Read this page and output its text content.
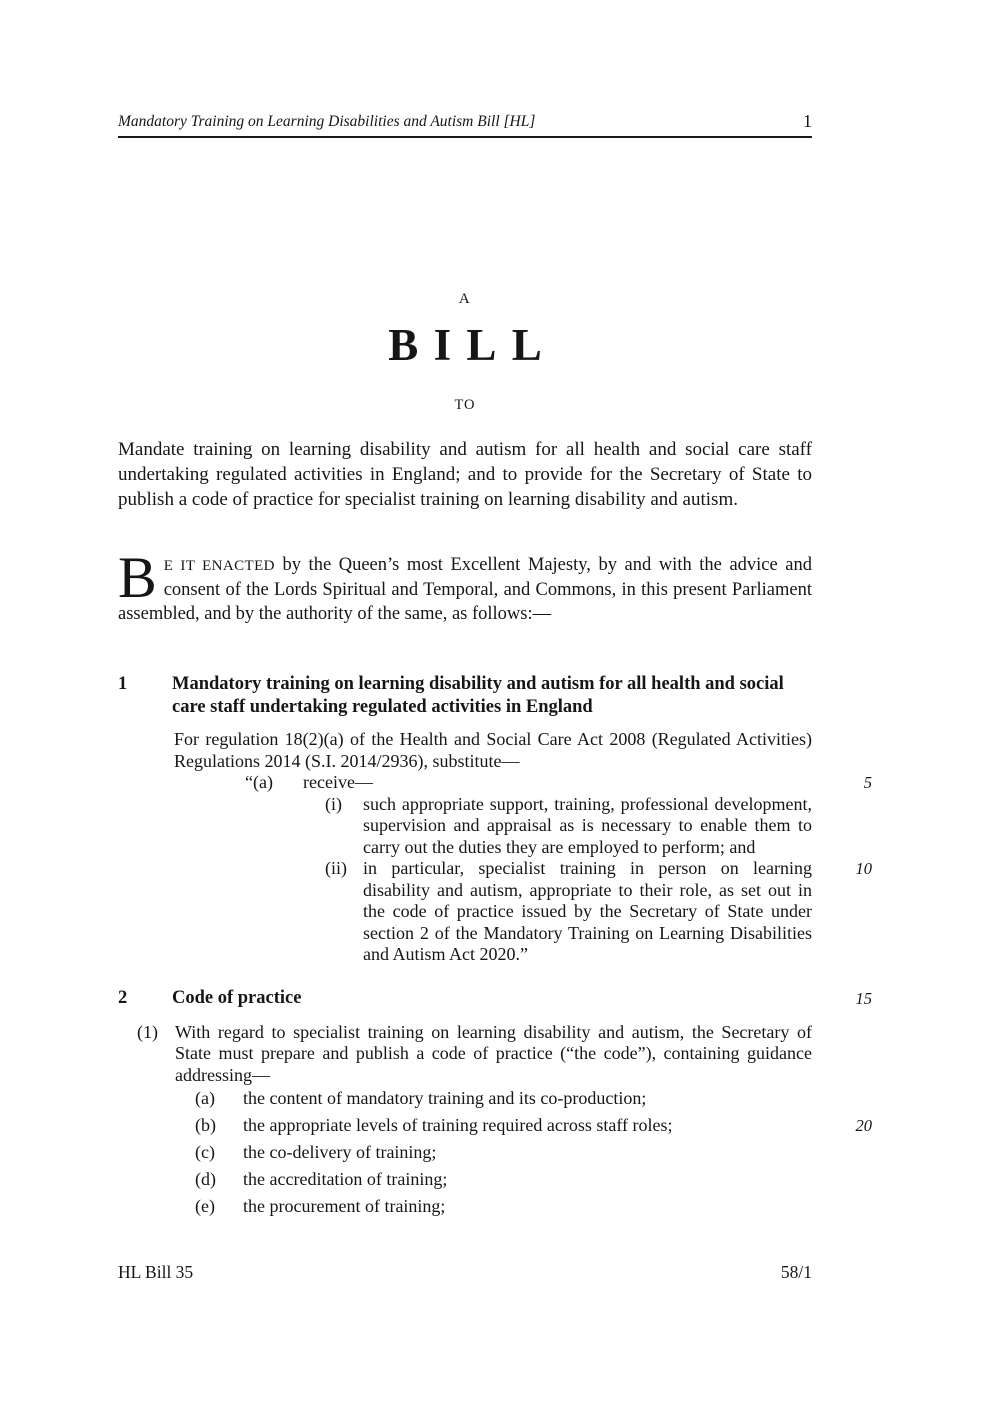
Mandatory Training on Learning Disabilities and Autism Bill [HL]	1
A
BILL
TO

Mandate training on learning disability and autism for all health and social care staff undertaking regulated activities in England; and to provide for the Secretary of State to publish a code of practice for specialist training on learning disability and autism.

B E IT ENACTED by the Queen’s most Excellent Majesty, by and with the advice and consent of the Lords Spiritual and Temporal, and Commons, in this present Parliament assembled, and by the authority of the same, as follows:—

1	Mandatory training on learning disability and autism for all health and social care staff undertaking regulated activities in England

For regulation 18(2)(a) of the Health and Social Care Act 2008 (Regulated Activities) Regulations 2014 (S.I. 2014/2936), substitute—

“(a)	receive—	5
(i)	such appropriate support, training, professional development, supervision and appraisal as is necessary to enable them to carry out the duties they are employed to perform; and
(ii) in particular, specialist training in person on learning disability and autism, appropriate to their role, as set out in the code of practice issued by the Secretary of State under section 2 of the Mandatory Training on Learning Disabilities and Autism Act 2020.”
10
2	Code of practice	15
(1) With regard to specialist training on learning disability and autism, the Secretary of State must prepare and publish a code of practice (“the code”), containing guidance addressing—
(a)	the content of mandatory training and its co-production;
(b)	the appropriate levels of training required across staff roles;	20
(c)	the co-delivery of training;
(d)	the accreditation of training;
(e)	the procurement of training;
HL Bill 35	58/1
